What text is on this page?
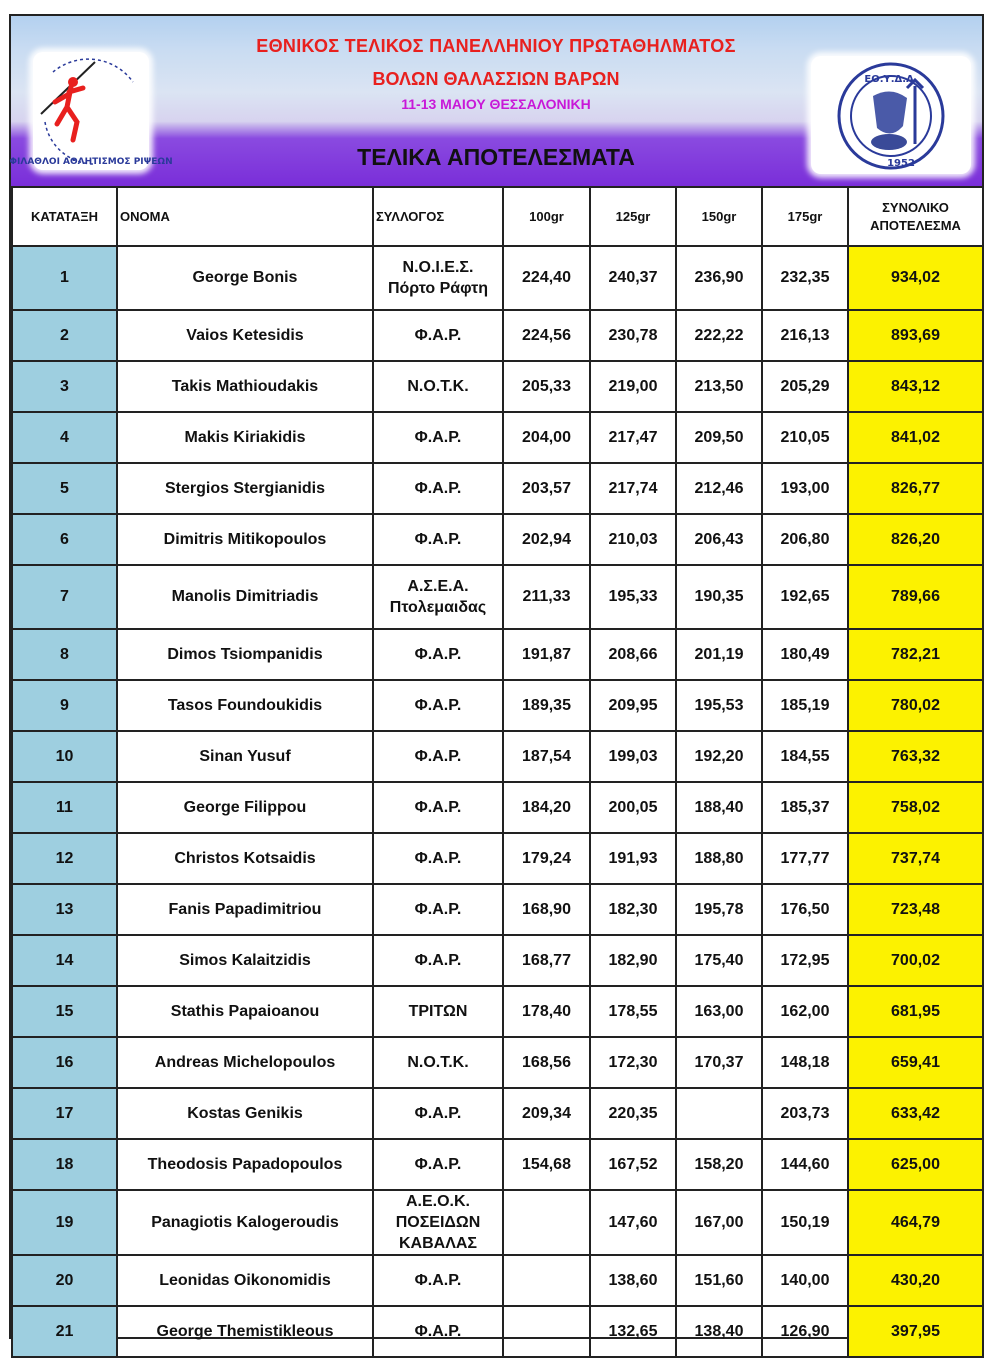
ΦΙΛΑΘΛΟΙ ΑΘΛΗΤΙΣΜΟΣ ΡΙΨΕΩΝ
ΕΟ.Υ.Δ.Α.
1952
ΕΘΝΙΚΟΣ ΤΕΛΙΚΟΣ ΠΑΝΕΛΛΗΝΙΟΥ ΠΡΩΤΑΘΗΛΜΑΤΟΣ
ΒΟΛΩΝ ΘΑΛΑΣΣΙΩΝ ΒΑΡΩΝ
11-13 ΜΑΙΟΥ ΘΕΣΣΑΛΟΝΙΚΗ
ΤΕΛΙΚΑ ΑΠΟΤΕΛΕΣΜΑΤΑ
ΚΑΤΑΤΑΞΗ	ΟΝΟΜΑ	ΣΥΛΛΟΓΟΣ	100gr	125gr	150gr	175gr	ΣΥΝΟΛΙΚΟ
ΑΠΟΤΕΛΕΣΜΑ

1	George Bonis	Ν.Ο.Ι.Ε.Σ.
Πόρτο Ράφτη	224,40	240,37	236,90	232,35	934,02
2	Vaios Ketesidis	Φ.Α.Ρ.	224,56	230,78	222,22	216,13	893,69
3	Takis Mathioudakis	Ν.Ο.Τ.Κ.	205,33	219,00	213,50	205,29	843,12
4	Makis Kiriakidis	Φ.Α.Ρ.	204,00	217,47	209,50	210,05	841,02
5	Stergios Stergianidis	Φ.Α.Ρ.	203,57	217,74	212,46	193,00	826,77
6	Dimitris Mitikopoulos	Φ.Α.Ρ.	202,94	210,03	206,43	206,80	826,20
7	Manolis Dimitriadis	Α.Σ.Ε.Α.
Πτολεμαιδας	211,33	195,33	190,35	192,65	789,66
8	Dimos Tsiompanidis	Φ.Α.Ρ.	191,87	208,66	201,19	180,49	782,21
9	Tasos Foundoukidis	Φ.Α.Ρ.	189,35	209,95	195,53	185,19	780,02
10	Sinan Yusuf	Φ.Α.Ρ.	187,54	199,03	192,20	184,55	763,32
11	George Filippou	Φ.Α.Ρ.	184,20	200,05	188,40	185,37	758,02
12	Christos Kotsaidis	Φ.Α.Ρ.	179,24	191,93	188,80	177,77	737,74
13	Fanis Papadimitriou	Φ.Α.Ρ.	168,90	182,30	195,78	176,50	723,48
14	Simos Kalaitzidis	Φ.Α.Ρ.	168,77	182,90	175,40	172,95	700,02
15	Stathis Papaioanou	ΤΡΙΤΩΝ	178,40	178,55	163,00	162,00	681,95
16	Andreas Michelopoulos	Ν.Ο.Τ.Κ.	168,56	172,30	170,37	148,18	659,41
17	Kostas Genikis	Φ.Α.Ρ.	209,34	220,35		203,73	633,42
18	Theodosis Papadopoulos	Φ.Α.Ρ.	154,68	167,52	158,20	144,60	625,00
19	Panagiotis Kalogeroudis	Α.Ε.Ο.Κ.
ΠΟΣΕΙΔΩΝ
ΚΑΒΑΛΑΣ		147,60	167,00	150,19	464,79
20	Leonidas Oikonomidis	Φ.Α.Ρ.		138,60	151,60	140,00	430,20
21	George Themistikleous	Φ.Α.Ρ.		132,65	138,40	126,90	397,95
